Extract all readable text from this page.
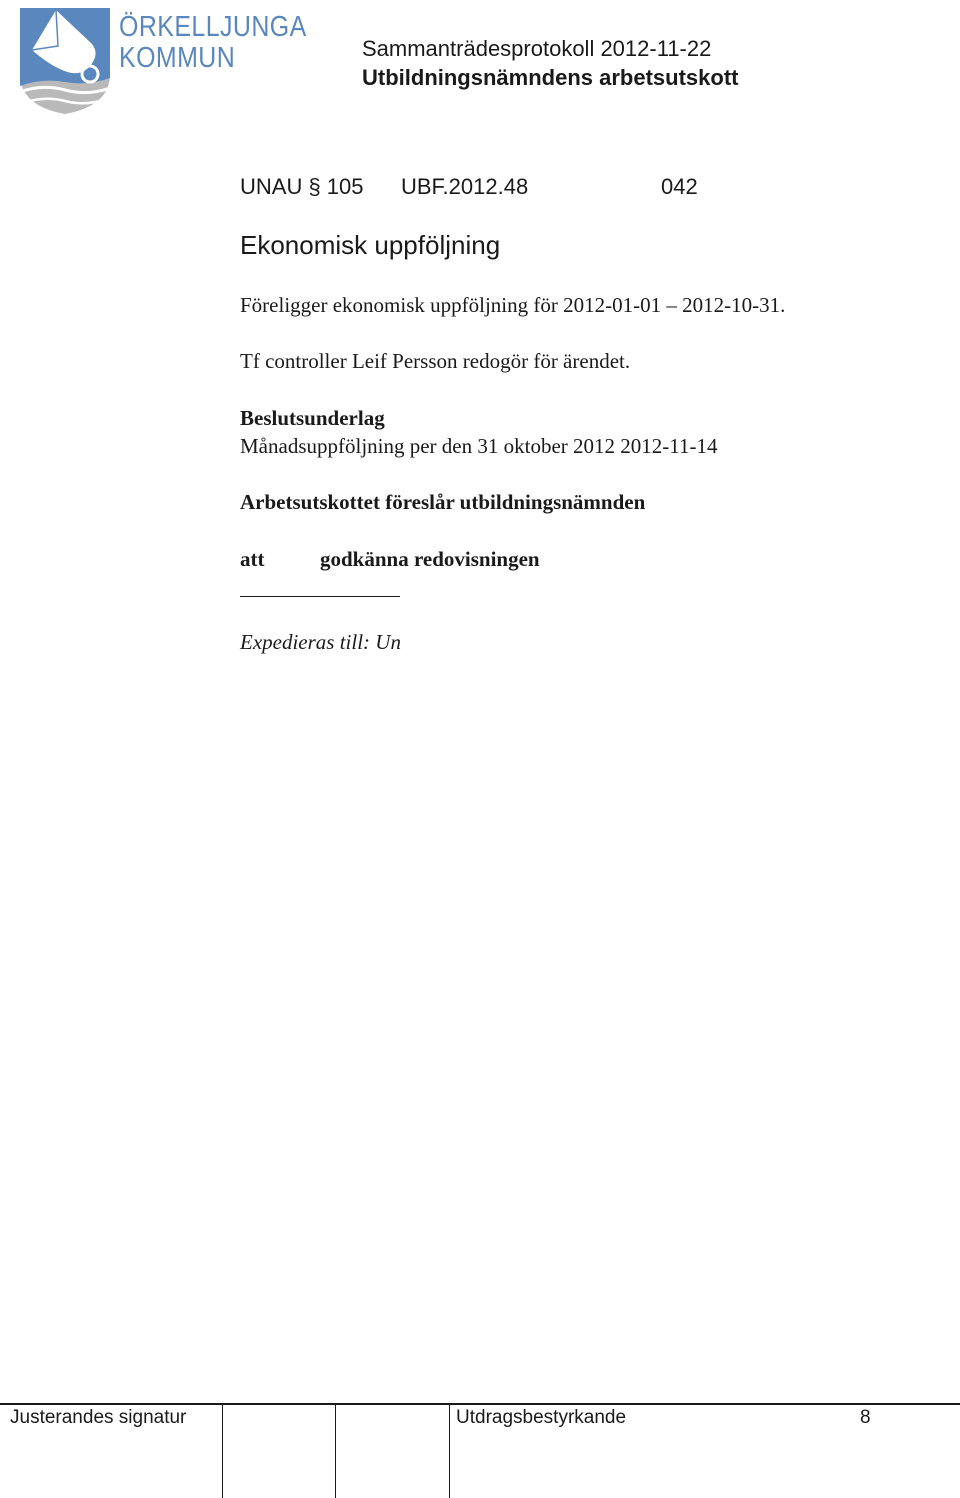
ÖRKELLJUNGA
KOMMUN	Sammanträdesprotokoll 2012-11-22
Utbildningsnämndens arbetsutskott
UNAU § 105 UBF.2012.48	042
Ekonomisk uppföljning
Föreligger ekonomisk uppföljning för 2012-01-01 – 2012-10-31.
Tf controller Leif Persson redogör för ärendet.
Beslutsunderlag
Månadsuppföljning per den 31 oktober 2012 2012-11-14
Arbetsutskottet föreslår utbildningsnämnden
att	godkänna redovisningen
Expedieras till: Un
Justerandes signatur	Utdragsbestyrkande	8
